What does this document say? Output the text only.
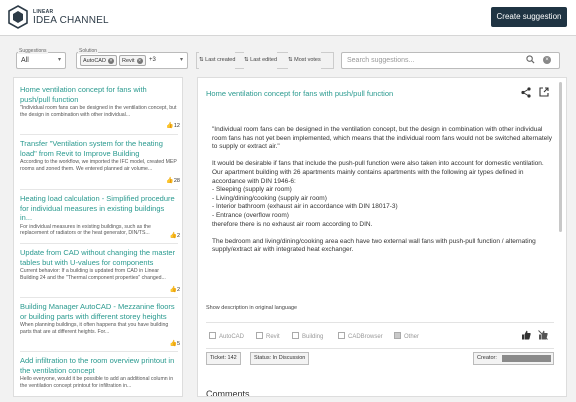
LINEAR
IDEA CHANNEL	Create suggestion
Suggestions
All	▾
Solution
AutoCAD ×	Revit ×	+3	▾	⇅ Last created ⇅ Last edited ⇅ Most votes	Search suggestions...	×
Home ventilation concept for fans with push/pull function
"Individual room fans can be designed in the ventilation concept, but the design in combination with other individual...
👍12
Transfer "Ventilation system for the heating load" from Revit to Improve Building
According to the workflow, we imported the IFC model, created MEP rooms and zoned them. We entered planned air volume...
👍28
Heating load calculation - Simplified procedure for individual measures in existing buildings in...
For individual measures in existing buildings, such as the replacement of radiators or the heat generator, DIN/TS...	👍2
Update from CAD without changing the master tables but with U-values for components
Current behavior: If a building is updated from CAD in Linear Building 24 and the "Thermal component properties" changed...
👍2
Building Manager AutoCAD - Mezzanine floors or building parts with different storey heights
When planning buildings, it often happens that you have building parts that are at different heights. For...
👍5
Add infiltration to the room overview printout in the ventilation concept
Hello everyone, would it be possible to add an additional column in the ventilation concept printout for infiltration in...
Home ventilation concept for fans with push/pull function

"Individual room fans can be designed in the ventilation concept, but the design in combination with other individual room fans has not yet been implemented, which means that the individual room fans would not be switched alternately to supply or extract air."

It would be desirable if fans that include the push-pull function were also taken into account for domestic ventilation.
Our apartment building with 26 apartments mainly contains apartments with the following air types defined in accordance with DIN 1946-6:
- Sleeping (supply air room)
- Living/dining/cooking (supply air room)
- Interior bathroom (exhaust air in accordance with DIN 18017-3)
- Entrance (overflow room)
therefore there is no exhaust air room according to DIN.

The bedroom and living/dining/cooking area each have two external wall fans with push-pull function / alternating supply/extract air with integrated heat exchanger.

Show description in original language
AutoCAD	Revit	Building	CADBrowser	Other
Ticket: 142	Status: In Discussion	Creator:
Comments
